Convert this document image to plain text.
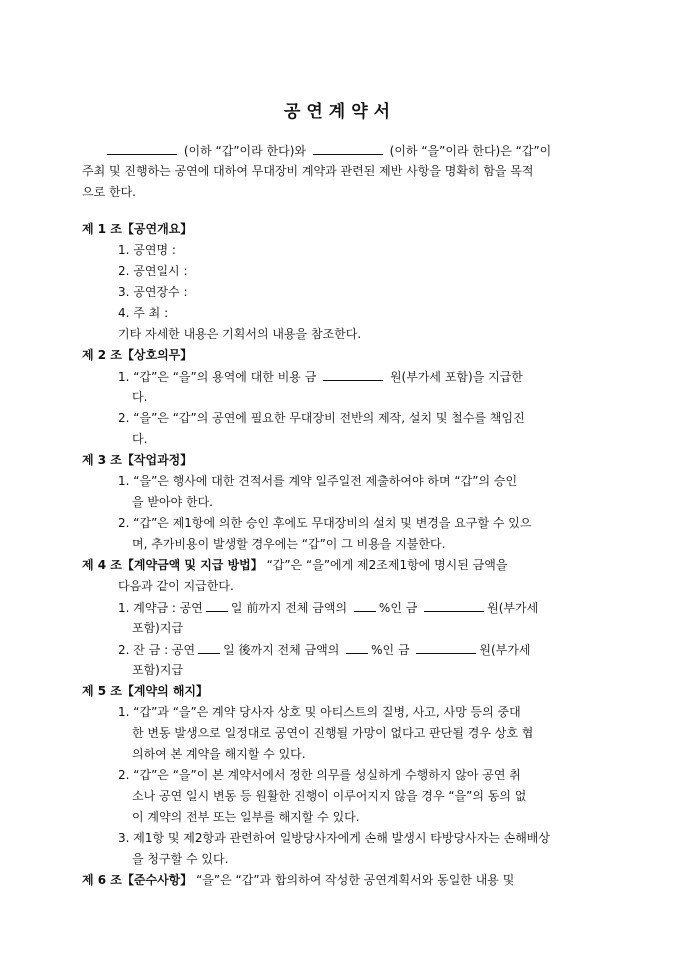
공연계약서
(이하 “갑”이라 한다)와	(이하 “을”이라 한다)은 “갑”이
주최 및 진행하는 공연에 대하여 무대장비 계약과 관련된 제반 사항을 명확히 함을 목적
으로 한다.
제 1 조【공연개요】
1. 공연명 :
2. 공연일시 :
3. 공연장수 :
4. 주 최 :
기타 자세한 내용은 기획서의 내용을 참조한다.
제 2 조【상호의무】
1. “갑”은 “을”의 용역에 대한 비용 금	원(부가세 포함)을 지급한
다.
2. “을”은 “갑”의 공연에 필요한 무대장비 전반의 제작, 설치 및 철수를 책임진
다.
제 3 조【작업과정】
1. “을”은 행사에 대한 견적서를 계약 일주일전 제출하여야 하며 “갑”의 승인
을 받아야 한다.
2. “갑”은 제1항에 의한 승인 후에도 무대장비의 설치 및 변경을 요구할 수 있으
며, 추가비용이 발생할 경우에는 “갑”이 그 비용을 지불한다.
제 4 조【계약금액 및 지급 방법】 “갑”은 “을”에게 제2조제1항에 명시된 금액을
다음과 같이 지급한다.
1. 계약금 : 공연 일 前까지 전체 금액의	%인 금	원(부가세
포함)지급
2. 잔 금 : 공연 일 後까지 전체 금액의	%인 금	원(부가세
포함)지급
제 5 조【계약의 해지】
1. “갑”과 “을”은 계약 당사자 상호 및 아티스트의 질병, 사고, 사망 등의 중대
한 변동 발생으로 일정대로 공연이 진행될 가망이 없다고 판단될 경우 상호 협
의하여 본 계약을 해지할 수 있다.
2. “갑”은 “을”이 본 계약서에서 정한 의무를 성실하게 수행하지 않아 공연 취
소나 공연 일시 변동 등 원활한 진행이 이루어지지 않을 경우 “을”의 동의 없
이 계약의 전부 또는 일부를 해지할 수 있다.
3. 제1항 및 제2항과 관련하여 일방당사자에게 손해 발생시 타방당사자는 손해배상
을 청구할 수 있다.
제 6 조【준수사항】 “을”은 “갑”과 합의하여 작성한 공연계획서와 동일한 내용 및
